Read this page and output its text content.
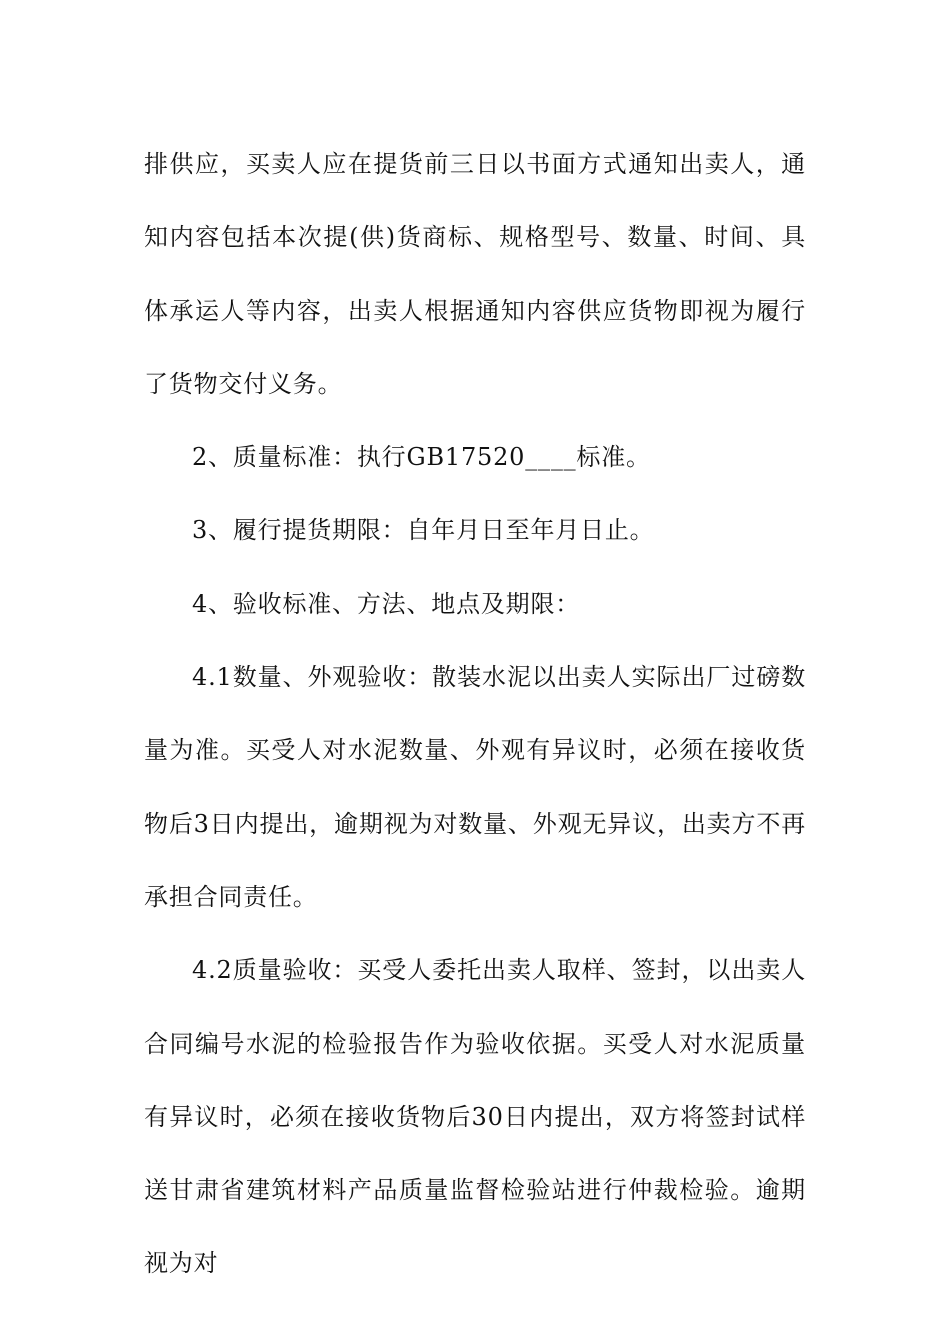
排供应，买卖人应在提货前三日以书面方式通知出卖人，通知内容包括本次提(供)货商标、规格型号、数量、时间、具体承运人等内容，出卖人根据通知内容供应货物即视为履行了货物交付义务。

2、质量标准：执行GB17520____标准。

3、履行提货期限：自年月日至年月日止。

4、验收标准、方法、地点及期限：

4.1数量、外观验收：散装水泥以出卖人实际出厂过磅数量为准。买受人对水泥数量、外观有异议时，必须在接收货物后3日内提出，逾期视为对数量、外观无异议，出卖方不再承担合同责任。

4.2质量验收：买受人委托出卖人取样、签封，以出卖人合同编号水泥的检验报告作为验收依据。买受人对水泥质量有异议时，必须在接收货物后30日内提出，双方将签封试样送甘肃省建筑材料产品质量监督检验站进行仲裁检验。逾期视为对
